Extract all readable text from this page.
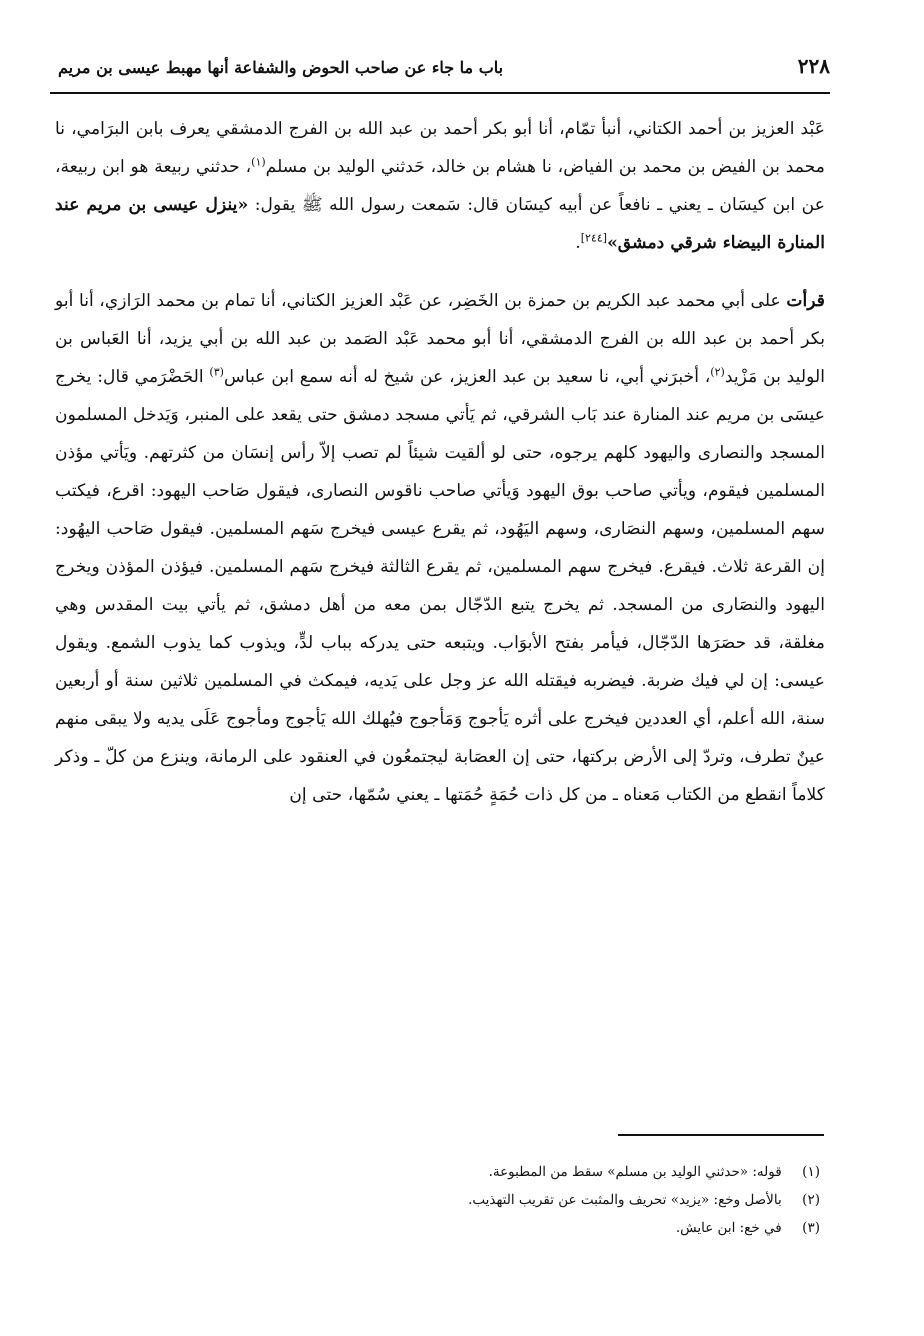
٢٢٨
باب ما جاء عن صاحب الحوض والشفاعة أنها مهبط عيسى بن مريم

عَبْد العزيز بن أحمد الكتاني، أنبأ تمّام، أنا أبو بكر أحمد بن عبد الله بن الفرج الدمشقي يعرف بابن البرَامي، نا محمد بن الفيض بن محمد بن الفياض، نا هشام بن خالد، حَدثني الوليد بن مسلم$^{(١)}$، حدثني ربيعة هو ابن ربيعة، عن ابن كيسَان ـ يعني ـ نافعاً عن أبيه كيسَان قال: سَمعت رسول الله ﷺ يقول: «ينزل عيسى بن مريم عند المنارة البيضاء شرقي دمشق»[٢٤٤].

قرأت على أبي محمد عبد الكريم بن حمزة بن الخَضِر، عن عَبْد العزيز الكتاني، أنا تمام بن محمد الرَازي، أنا أبو بكر أحمد بن عبد الله بن الفرج الدمشقي، أنا أبو محمد عَبْد الصَمد بن عبد الله بن أبي يزيد، أنا العَباس بن الوليد بن مَزْيد$^{(٢)}$، أخبرَني أبي، نا سعيد بن عبد العزيز، عن شيخ له أنه سمع ابن عباس$^{(٣)}$ الحَضْرَمي قال: يخرج عيسَى بن مريم عند المنارة عند بَاب الشرقي، ثم يَأتي مسجد دمشق حتى يقعد على المنبر، وَيَدخل المسلمون المسجد والنصارى واليهود كلهم يرجوه، حتى لو ألقيت شيئاً لم تصب إلاّ رأس إنسَان من كثرتهم. ويَأتي مؤذن المسلمين فيقوم، ويأتي صاحب بوق اليهود وَيأتي صاحب ناقوس النصارى، فيقول صَاحب اليهود: اقرع، فيكتب سهم المسلمين، وسهم النصَارى، وسهم اليَهُود، ثم يقرع عيسى فيخرج سَهم المسلمين. فيقول صَاحب اليهُود: إن القرعة ثلاث. فيقرع. فيخرج سهم المسلمين، ثم يقرع الثالثة فيخرج سَهم المسلمين. فيؤذن المؤذن ويخرج اليهود والنصَارى من المسجد. ثم يخرج يتبع الدّجّال بمن معه من أهل دمشق، ثم يأتي بيت المقدس وهي مغلقة، قد حصَرَها الدّجّال، فيأمر بفتح الأبوَاب. ويتبعه حتى يدركه بباب لدٍّ، ويذوب كما يذوب الشمع. ويقول عيسى: إن لي فيك ضربة. فيضربه فيقتله الله عز وجل على يَديه، فيمكث في المسلمين ثلاثين سنة أو أربعين سنة، الله أعلم، أي العددين فيخرج على أثره يَأجوج وَمَأجوج فيُهلك الله يَأجوج ومأجوج عَلَى يديه ولا يبقى منهم عينٌ تطرف، وتردّ إلى الأرض بركتها، حتى إن العصَابة ليجتمعُون في العنقود على الرمانة، وينزع من كلّ ـ وذكر كلاماً انقطع من الكتاب مَعناه ـ من كل ذات حُمَةٍ حُمَتها ـ يعني سُمّها، حتى إن

(١) قوله: «حدثني الوليد بن مسلم» سقط من المطبوعة.

(٢) بالأصل وخع: «يزيد» تحريف والمثبت عن تقريب التهذيب.

(٣) في خع: ابن عايش.
